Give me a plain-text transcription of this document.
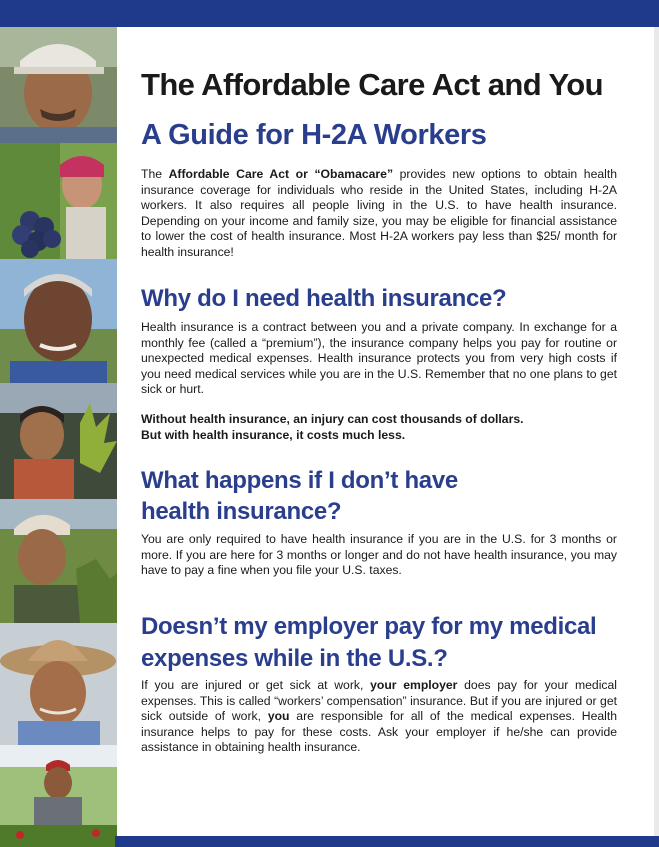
The Affordable Care Act and You
A Guide for H-2A Workers

The Affordable Care Act or “Obamacare” provides new options to obtain health insurance coverage for individuals who reside in the United States, including H-2A workers. It also requires all people living in the U.S. to have health insurance. Depending on your income and family size, you may be eligible for financial assistance to lower the cost of health insurance. Most H-2A workers pay less than $25/ month for health insurance!

Why do I need health insurance?

Health insurance is a contract between you and a private company. In exchange for a monthly fee (called a “premium”), the insurance company helps you pay for routine or unexpected medical expenses. Health insurance protects you from very high costs if you need medical services while you are in the U.S. Remember that no one plans to get sick or hurt.

Without health insurance, an injury can cost thousands of dollars.

But with health insurance, it costs much less.

What happens if I don’t have
health insurance?

You are only required to have health insurance if you are in the U.S. for 3 months or more. If you are here for 3 months or longer and do not have health insurance, you may have to pay a fine when you file your U.S. taxes.

Doesn’t my employer pay for my medical
expenses while in the U.S.?

If you are injured or get sick at work, your employer does pay for your medical expenses. This is called “workers’ compensation” insurance. But if you are injured or get sick outside of work, you are responsible for all of the medical expenses. Health insurance helps to pay for these costs. Ask your employer if he/she can provide assistance in obtaining health insurance.
